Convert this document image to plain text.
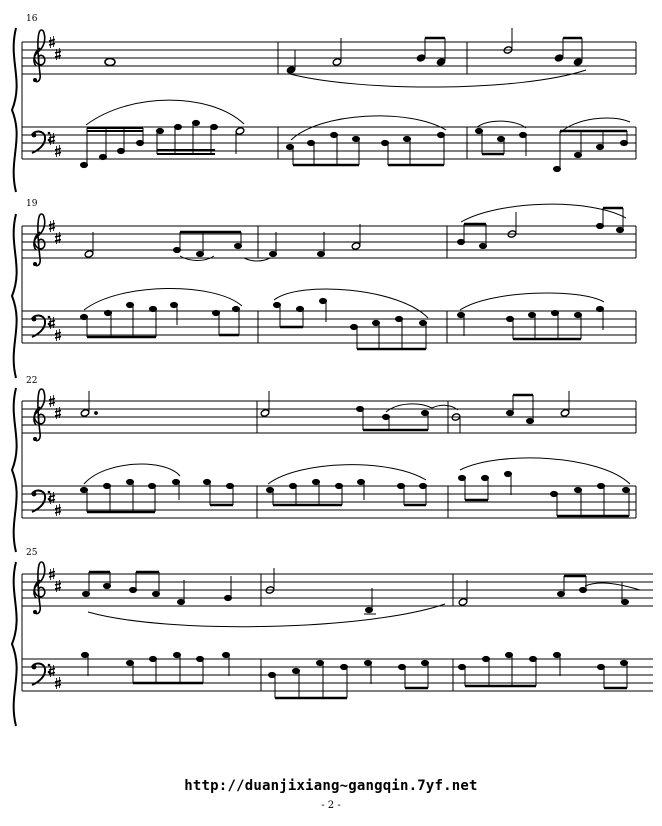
16
19
22
25
http://duanjixiang~gangqin.7yf.net
- 2 -
